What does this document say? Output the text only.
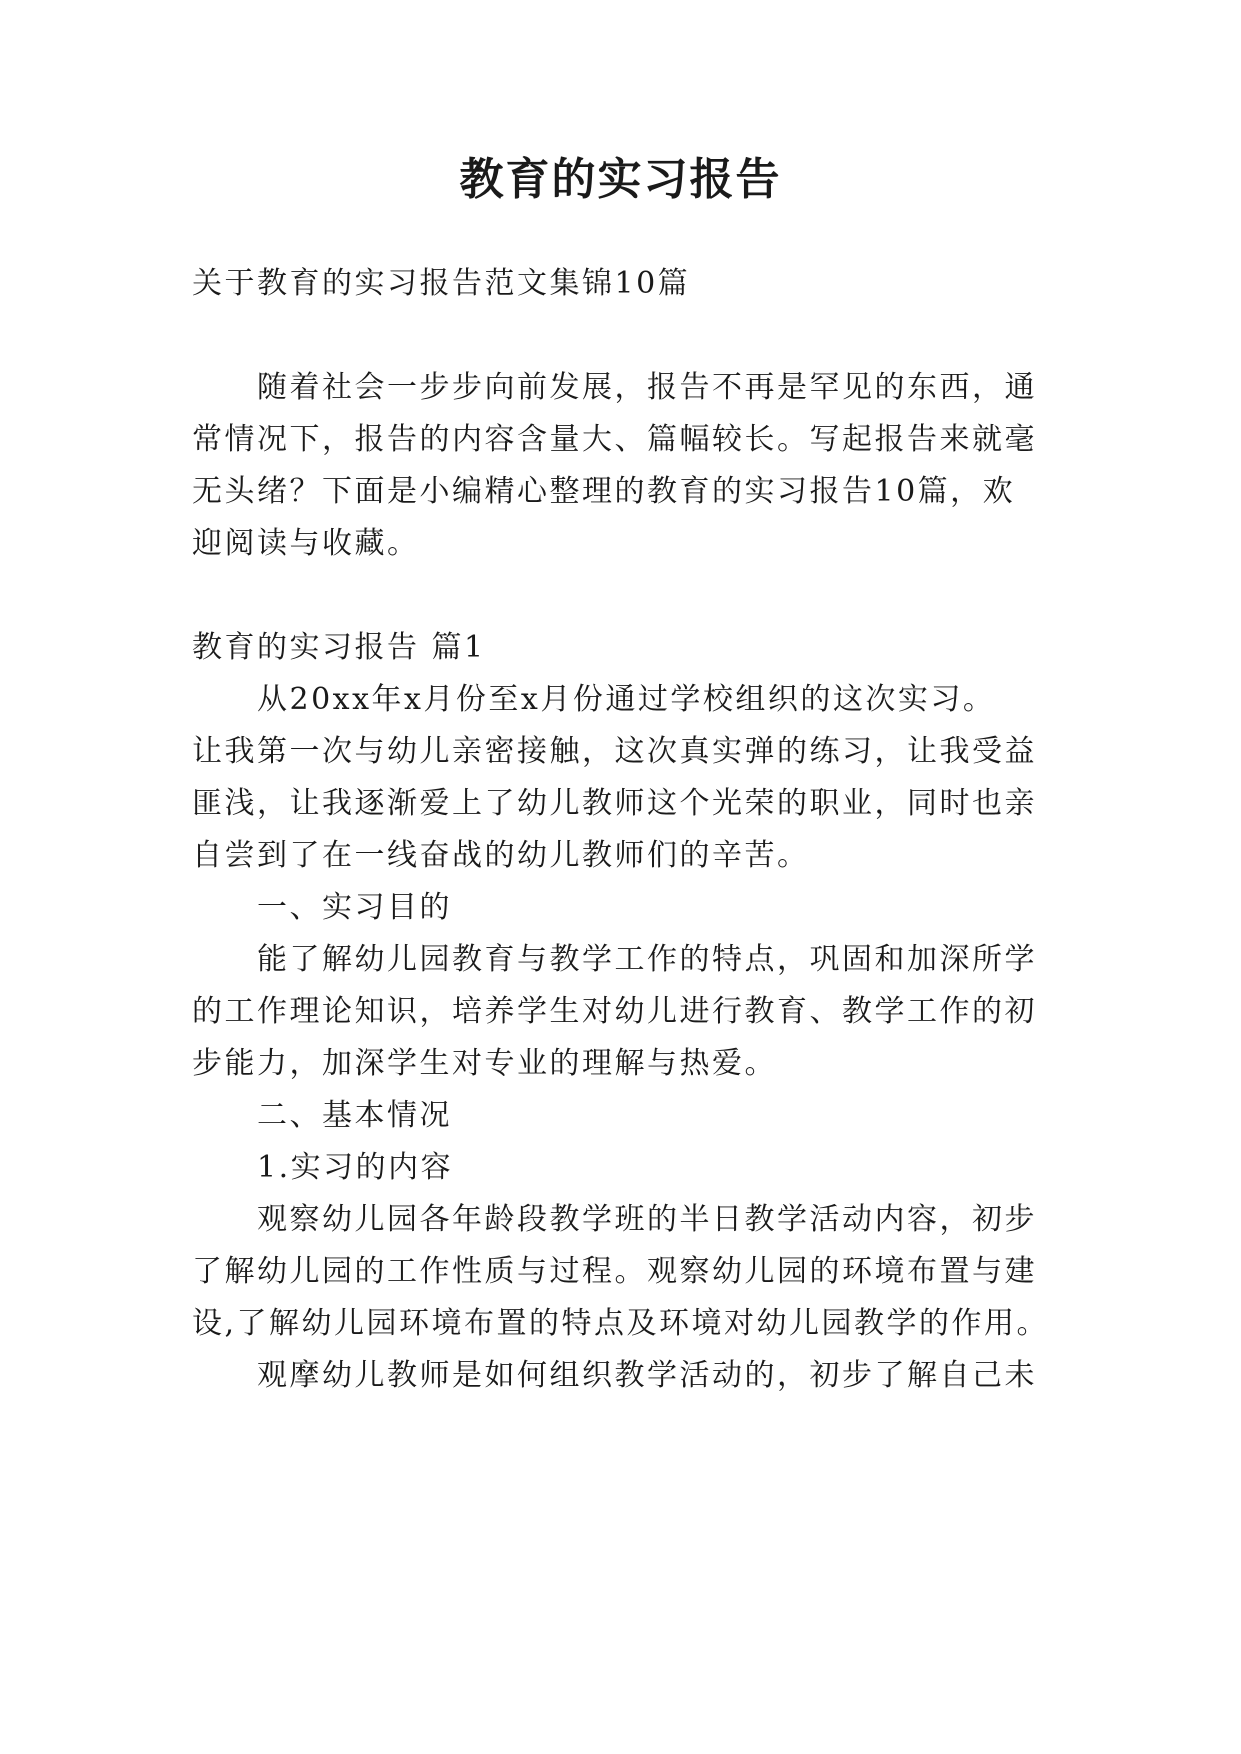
教育的实习报告

关于教育的实习报告范文集锦10篇

随着社会一步步向前发展，报告不再是罕见的东西，通

常情况下，报告的内容含量大、篇幅较长。写起报告来就毫

无头绪？下面是小编精心整理的教育的实习报告10篇，欢

迎阅读与收藏。

教育的实习报告 篇1

从20xx年x月份至x月份通过学校组织的这次实习。

让我第一次与幼儿亲密接触，这次真实弹的练习，让我受益

匪浅，让我逐渐爱上了幼儿教师这个光荣的职业，同时也亲

自尝到了在一线奋战的幼儿教师们的辛苦。

一、实习目的

能了解幼儿园教育与教学工作的特点，巩固和加深所学

的工作理论知识，培养学生对幼儿进行教育、教学工作的初

步能力，加深学生对专业的理解与热爱。

二、基本情况

1.实习的内容

观察幼儿园各年龄段教学班的半日教学活动内容，初步

了解幼儿园的工作性质与过程。观察幼儿园的环境布置与建

设,了解幼儿园环境布置的特点及环境对幼儿园教学的作用。

观摩幼儿教师是如何组织教学活动的，初步了解自己未
